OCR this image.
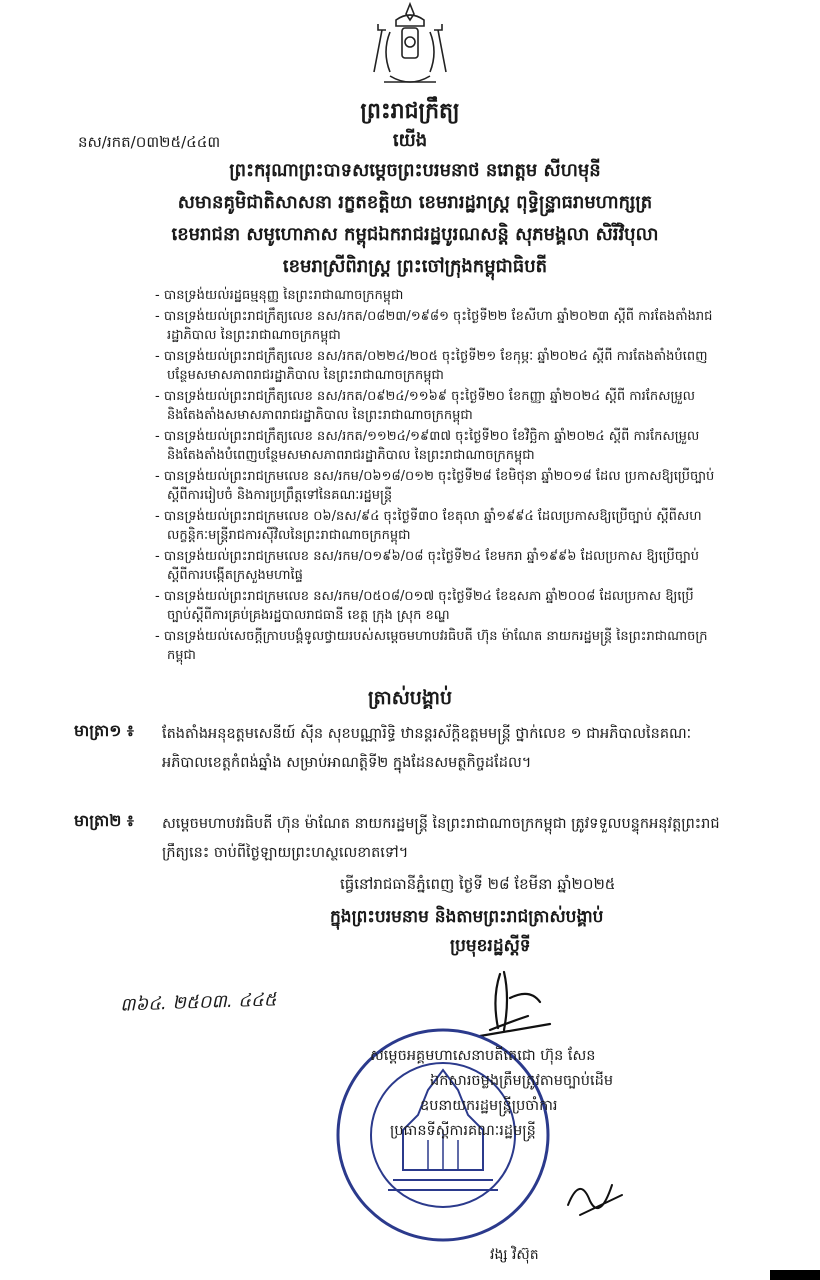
ព្រះរាជក្រឹត្យ
នស/រកត/០៣២៥/៤៤៣	យើង
ព្រះករុណាព្រះបាទសម្តេចព្រះបរមនាថ នរោត្តម សីហមុនី
សមានគូមិជាតិសាសនា រក្ខតខត្តិយា ខេមរារដ្ឋរាស្ត្រ ពុទ្ធិន្ទ្រាធរាមហាក្សត្រ
ខេមរាជនា សមូហោភាស កម្ពុជឯករាជរដ្ឋបូរណសន្តិ សុភមង្គលា សិរីវិបុលា
ខេមរាស្រីពិរាស្ត្រ ព្រះចៅក្រុងកម្ពុជាធិបតី
- បានទ្រង់យល់រដ្ឋធម្មនុញ្ញ នៃព្រះរាជាណាចក្រកម្ពុជា
- បានទ្រង់យល់ព្រះរាជក្រឹត្យលេខ នស/រកត/០៨២៣/១៩៨១ ចុះថ្ងៃទី២២ ខែសីហា ឆ្នាំ២០២៣ ស្តីពី ការតែងតាំងរាជរដ្ឋាភិបាល នៃព្រះរាជាណាចក្រកម្ពុជា
- បានទ្រង់យល់ព្រះរាជក្រឹត្យលេខ នស/រកត/០២២៤/២០៥ ចុះថ្ងៃទី២១ ខែកុម្ភៈ ឆ្នាំ២០២៤ ស្តីពី ការតែងតាំងបំពេញបន្ថែមសមាសភាពរាជរដ្ឋាភិបាល នៃព្រះរាជាណាចក្រកម្ពុជា
- បានទ្រង់យល់ព្រះរាជក្រឹត្យលេខ នស/រកត/០៩២៤/១១៦៩ ចុះថ្ងៃទី២០ ខែកញ្ញា ឆ្នាំ២០២៤ ស្តីពី ការកែសម្រួល និងតែងតាំងសមាសភាពរាជរដ្ឋាភិបាល នៃព្រះរាជាណាចក្រកម្ពុជា
- បានទ្រង់យល់ព្រះរាជក្រឹត្យលេខ នស/រកត/១១២៤/១៩៣៧ ចុះថ្ងៃទី២០ ខែវិច្ឆិកា ឆ្នាំ២០២៤ ស្តីពី ការកែសម្រួល និងតែងតាំងបំពេញបន្ថែមសមាសភាពរាជរដ្ឋាភិបាល នៃព្រះរាជាណាចក្រកម្ពុជា
- បានទ្រង់យល់ព្រះរាជក្រមលេខ នស/រកម/០៦១៨/០១២ ចុះថ្ងៃទី២៨ ខែមិថុនា ឆ្នាំ២០១៨ ដែល ប្រកាសឱ្យប្រើច្បាប់ស្តីពីការរៀបចំ និងការប្រព្រឹត្តទៅនៃគណៈរដ្ឋមន្ត្រី
- បានទ្រង់យល់ព្រះរាជក្រមលេខ ០៦/នស/៩៤ ចុះថ្ងៃទី៣០ ខែតុលា ឆ្នាំ១៩៩៤ ដែលប្រកាសឱ្យប្រើច្បាប់ ស្តីពីសហលក្ខន្តិកៈមន្ត្រីរាជការស៊ីវិលនៃព្រះរាជាណាចក្រកម្ពុជា
- បានទ្រង់យល់ព្រះរាជក្រមលេខ នស/រកម/០១៩៦/០៨ ចុះថ្ងៃទី២៤ ខែមករា ឆ្នាំ១៩៩៦ ដែលប្រកាស ឱ្យប្រើច្បាប់ស្តីពីការបង្កើតក្រសួងមហាផ្ទៃ
- បានទ្រង់យល់ព្រះរាជក្រមលេខ នស/រកម/០៥០៨/០១៧ ចុះថ្ងៃទី២៤ ខែឧសភា ឆ្នាំ២០០៨ ដែលប្រកាស ឱ្យប្រើច្បាប់ស្តីពីការគ្រប់គ្រងរដ្ឋបាលរាជធានី ខេត្ត ក្រុង ស្រុក ខណ្ឌ
- បានទ្រង់យល់សេចក្តីក្រាបបង្គំទូលថ្វាយរបស់សម្តេចមហាបវរធិបតី ហ៊ុន ម៉ាណែត នាយករដ្ឋមន្ត្រី នៃព្រះរាជាណាចក្រកម្ពុជា
ត្រាស់បង្គាប់
មាត្រា១ ៖ តែងតាំងអនុឧត្តមសេនីយ៍ ស៊ីន សុខបណ្ណារិទ្ធិ ឋានន្តរស័ក្តិឧត្តមមន្ត្រី ថ្នាក់លេខ ១ ជាអភិបាលនៃគណៈអភិបាលខេត្តកំពង់ឆ្នាំង សម្រាប់អាណត្តិទី២ ក្នុងដែនសមត្ថកិច្ចដដែល។
មាត្រា២ ៖ សម្តេចមហាបវរធិបតី ហ៊ុន ម៉ាណែត នាយករដ្ឋមន្ត្រី នៃព្រះរាជាណាចក្រកម្ពុជា ត្រូវទទួលបន្ទុកអនុវត្តព្រះរាជក្រឹត្យនេះ ចាប់ពីថ្ងៃឡាយព្រះហស្ថលេខាតទៅ។
ធ្វើនៅរាជធានីភ្នំពេញ ថ្ងៃទី ២៨ ខែមីនា ឆ្នាំ២០២៥
ក្នុងព្រះបរមនាម និងតាមព្រះរាជត្រាស់បង្គាប់
ប្រមុខរដ្ឋស្តីទី
៣៦៤. ២៥០៣. ៤៤៥
សម្តេចអគ្គមហាសេនាបតីតេជោ ហ៊ុន សែន
ឯកសារចម្លងត្រឹមត្រូវតាមច្បាប់ដើម
ឧបនាយករដ្ឋមន្ត្រីប្រចាំការ
ប្រធានទីស្តីការគណៈរដ្ឋមន្ត្រី
វង្ស វិស៊ុត
